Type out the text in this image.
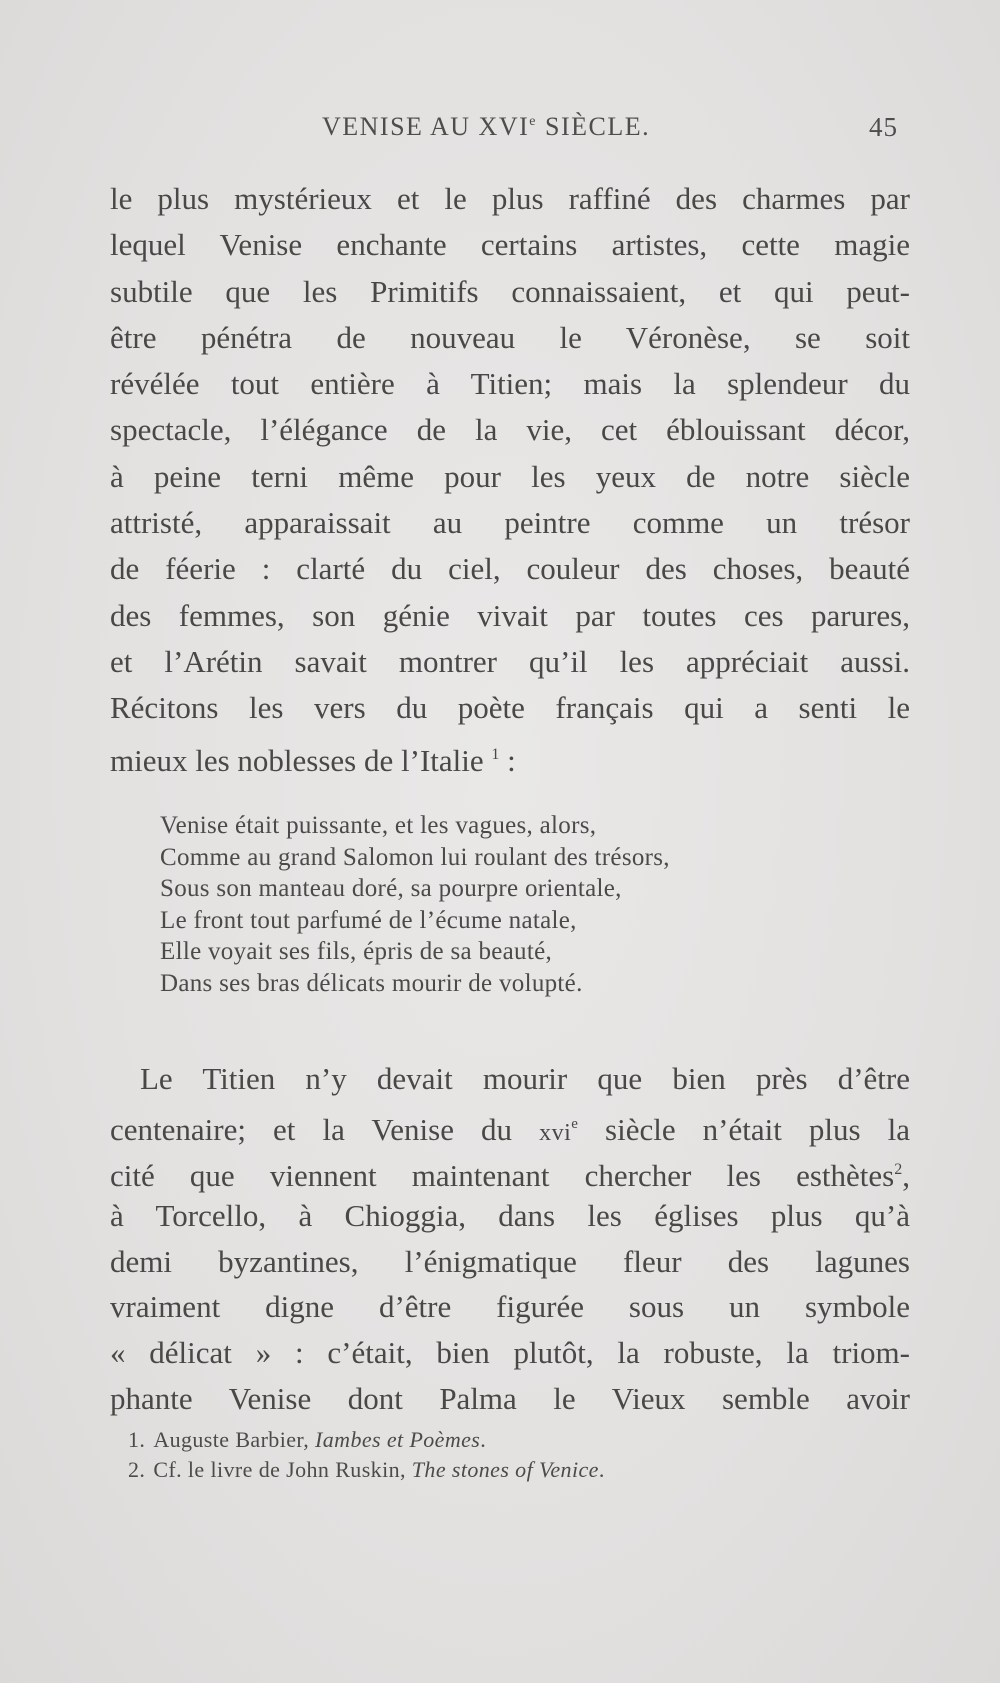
VENISE AU XVIe SIÈCLE.	45
le plus mystérieux et le plus raffiné des charmes par
lequel Venise enchante certains artistes, cette magie
subtile que les Primitifs connaissaient, et qui peut-
être pénétra de nouveau le Véronèse, se soit
révélée tout entière à Titien; mais la splendeur du
spectacle, l’élégance de la vie, cet éblouissant décor,
à peine terni même pour les yeux de notre siècle
attristé, apparaissait au peintre comme un trésor
de féerie : clarté du ciel, couleur des choses, beauté
des femmes, son génie vivait par toutes ces parures,
et l’Arétin savait montrer qu’il les appréciait aussi.
Récitons les vers du poète français qui a senti le
mieux les noblesses de l’Italie $^1$ :
Venise était puissante, et les vagues, alors,
Comme au grand Salomon lui roulant des trésors,
Sous son manteau doré, sa pourpre orientale,
Le front tout parfumé de l’écume natale,
Elle voyait ses fils, épris de sa beauté,
Dans ses bras délicats mourir de volupté.
Le Titien n’y devait mourir que bien près d’être
centenaire; et la Venise du xvi$^e$ siècle n’était plus la
cité que viennent maintenant chercher les esthètes$^2$,
à Torcello, à Chioggia, dans les églises plus qu’à
demi byzantines, l’énigmatique fleur des lagunes
vraiment digne d’être figurée sous un symbole
« délicat » : c’était, bien plutôt, la robuste, la triom-
phante Venise dont Palma le Vieux semble avoir
1. Auguste Barbier, Iambes et Poèmes.
2. Cf. le livre de John Ruskin, The stones of Venice.
